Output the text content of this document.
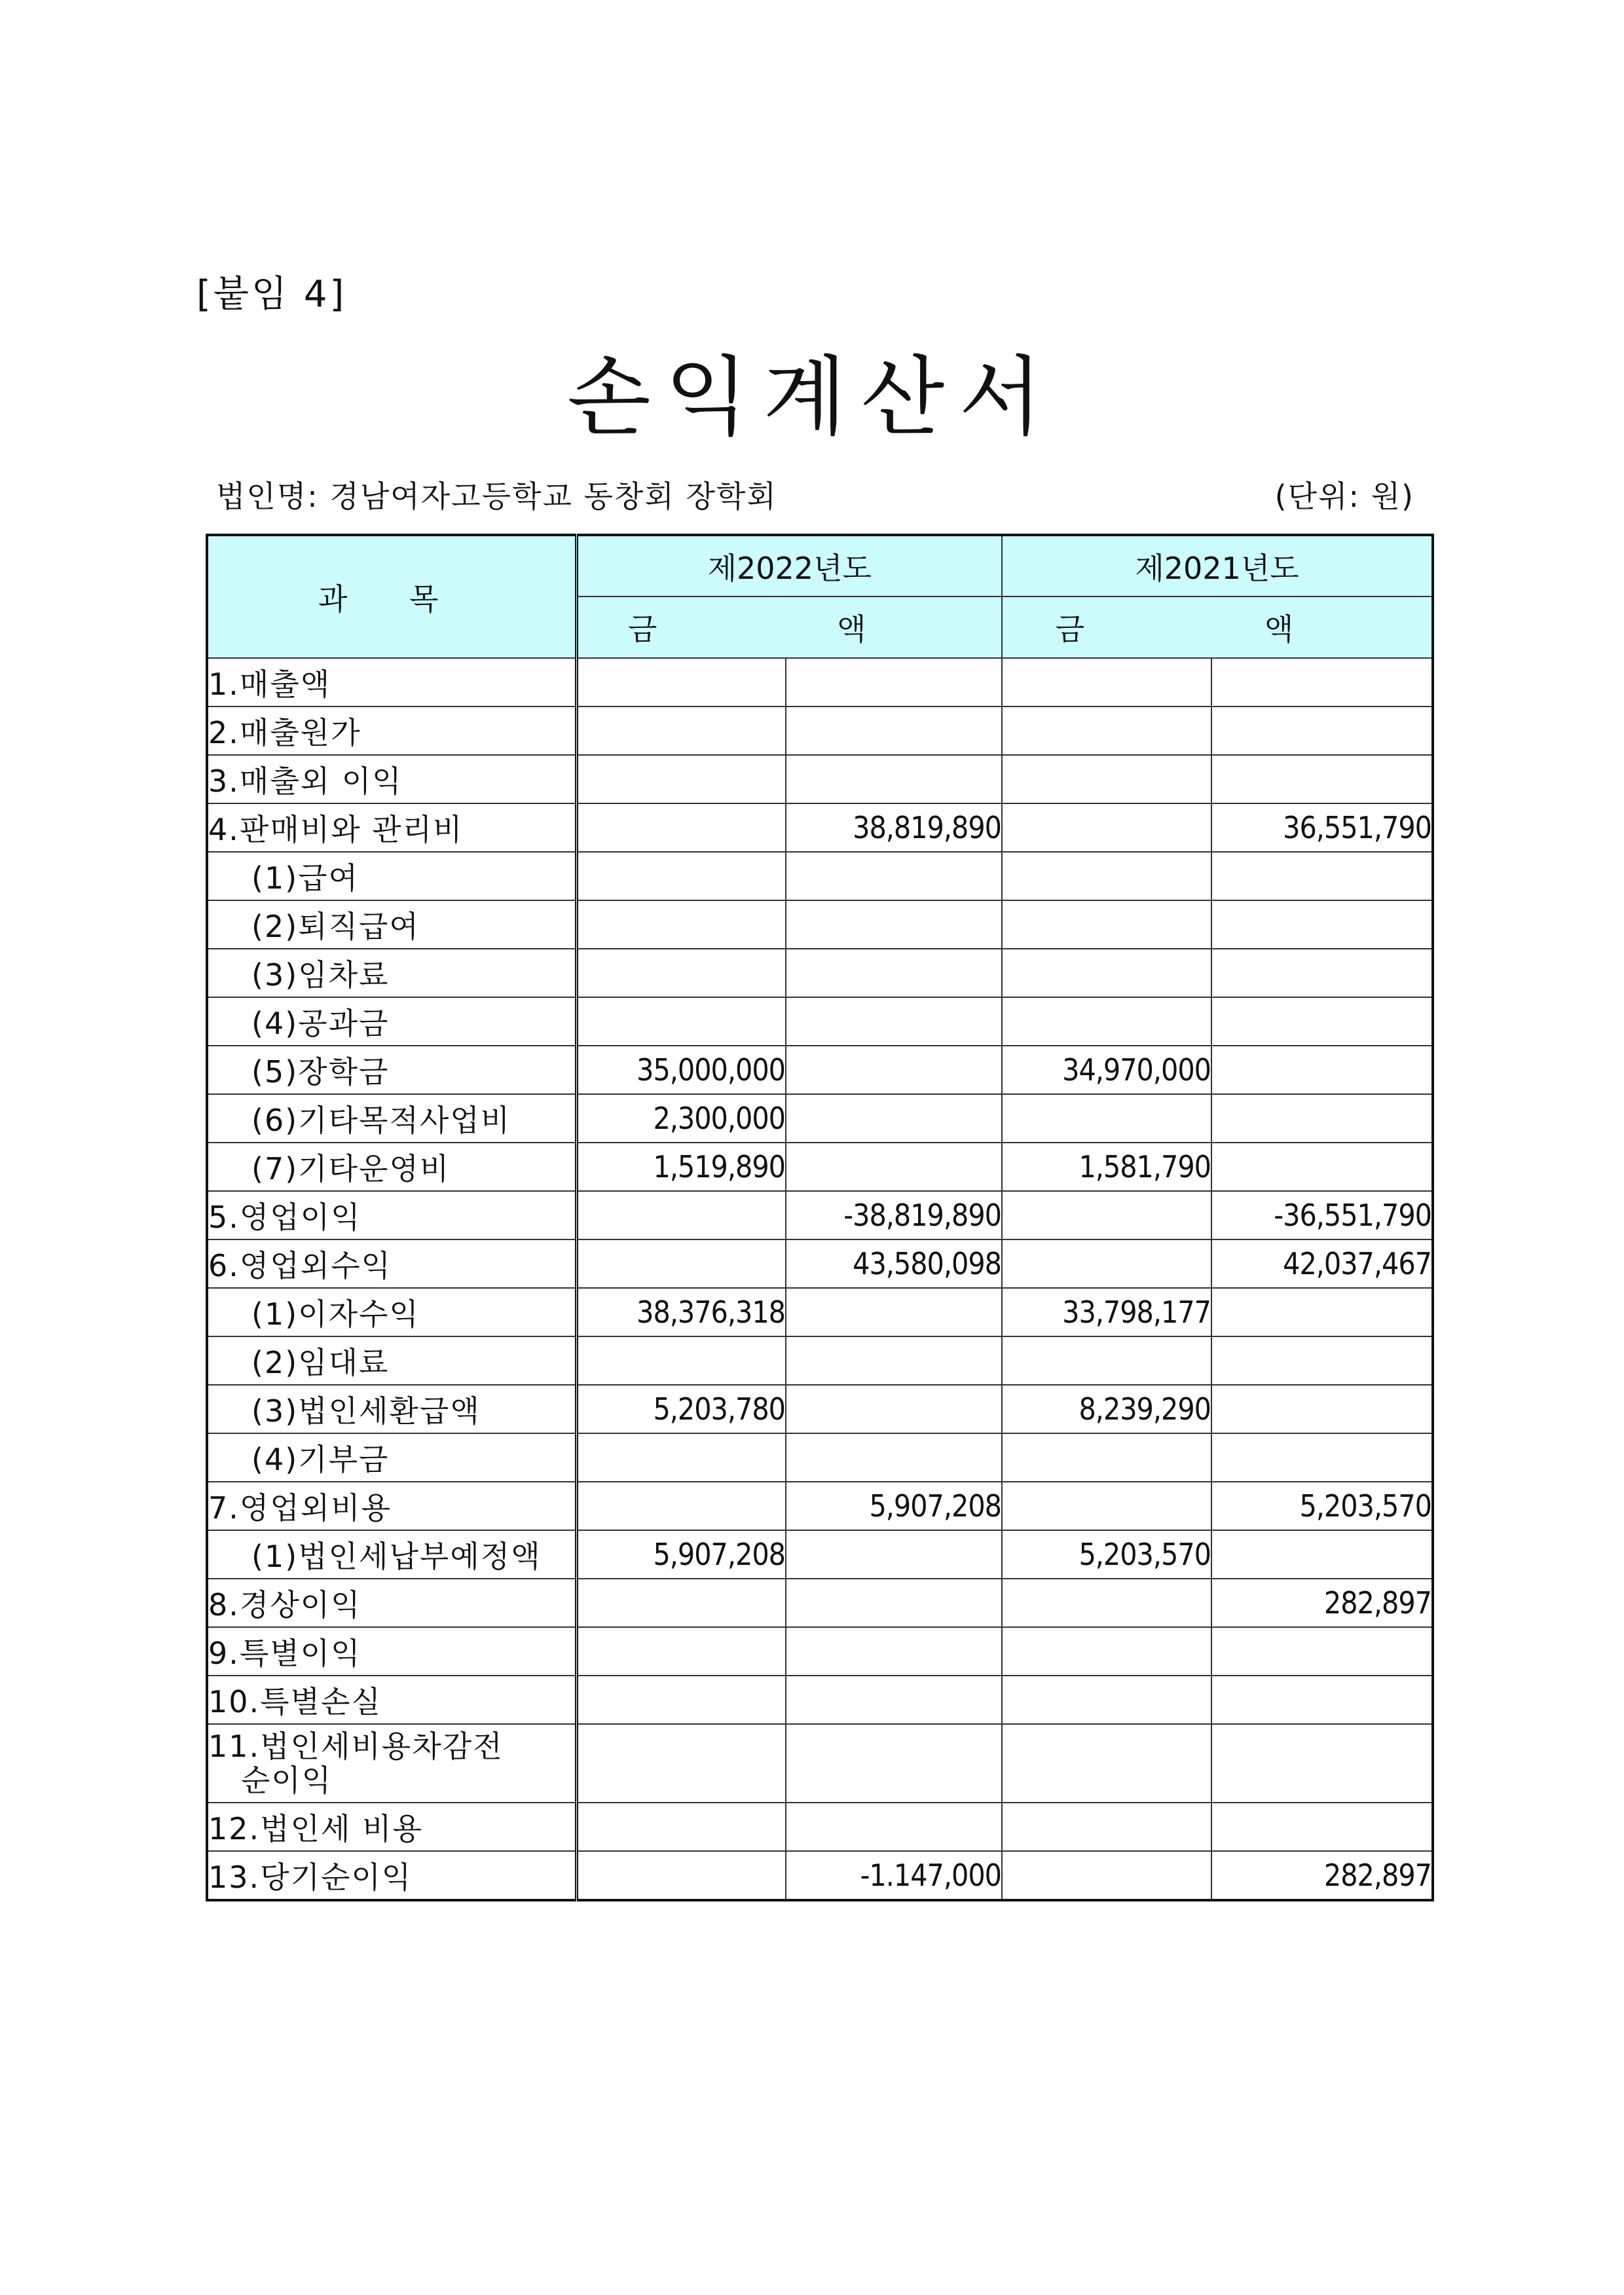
[붙임 4]
손익계산서
법인명: 경남여자고등학교 동창회 장학회	(단위: 원)
과 목	제2022년도		제2021년도	
	금 액		금 액	
1.매출액				
2.매출원가				
3.매출외 이익				
4.판매비와 관리비		38,819,890		36,551,790
(1)급여				
(2)퇴직급여				
(3)임차료				
(4)공과금				
(5)장학금	35,000,000		34,970,000	
(6)기타목적사업비	2,300,000			
(7)기타운영비	1,519,890		1,581,790	
5.영업이익		-38,819,890		-36,551,790
6.영업외수익		43,580,098		42,037,467
(1)이자수익	38,376,318		33,798,177	
(2)임대료				
(3)법인세환급액	5,203,780		8,239,290	
(4)기부금				
7.영업외비용		5,907,208		5,203,570
(1)법인세납부예정액	5,907,208		5,203,570	
8.경상이익				282,897
9.특별이익				
10.특별손실				
11.법인세비용차감전
순이익				

12.법인세 비용				
13.당기순이익		-1.147,000		282,897
